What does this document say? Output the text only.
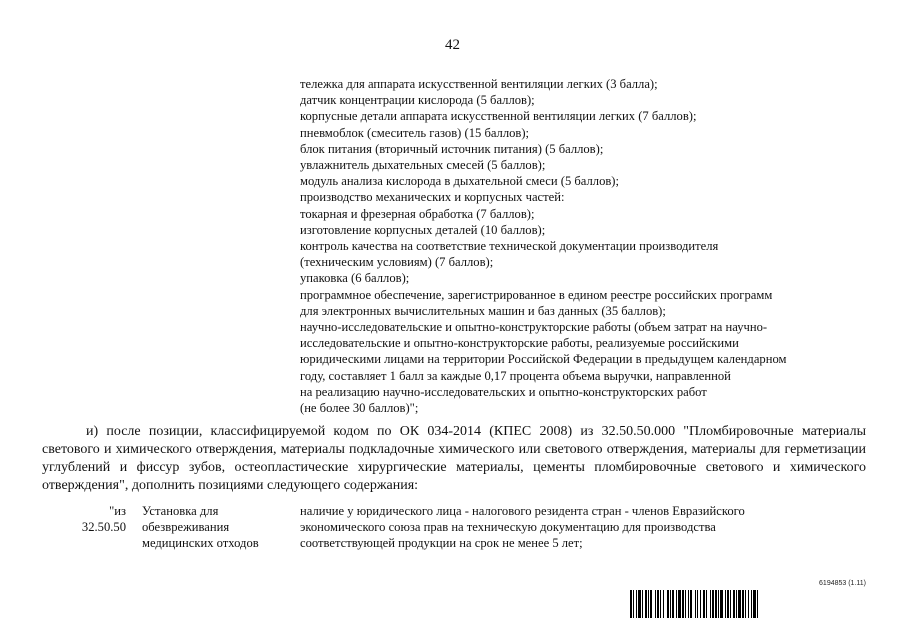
42
тележка для аппарата искусственной вентиляции легких (3 балла);
датчик концентрации кислорода (5 баллов);
корпусные детали аппарата искусственной вентиляции легких (7 баллов);
пневмоблок (смеситель газов) (15 баллов);
блок питания (вторичный источник питания) (5 баллов);
увлажнитель дыхательных смесей (5 баллов);
модуль анализа кислорода в дыхательной смеси (5 баллов);
производство механических и корпусных частей:
токарная и фрезерная обработка (7 баллов);
изготовление корпусных деталей (10 баллов);
контроль качества на соответствие технической документации производителя
(техническим условиям) (7 баллов);
упаковка (6 баллов);
программное обеспечение, зарегистрированное в едином реестре российских программ
для электронных вычислительных машин и баз данных (35 баллов);
научно-исследовательские и опытно-конструкторские работы (объем затрат на научно-
исследовательские и опытно-конструкторские работы, реализуемые российскими
юридическими лицами на территории Российской Федерации в предыдущем календарном
году, составляет 1 балл за каждые 0,17 процента объема выручки, направленной
на реализацию научно-исследовательских и опытно-конструкторских работ
(не более 30 баллов)";
и) после позиции, классифицируемой кодом по ОК 034-2014 (КПЕС 2008) из 32.50.50.000 "Пломбировочные материалы светового и химического отверждения, материалы подкладочные химического или светового отверждения, материалы для герметизации углублений и фиссур зубов, остеопластические хирургические материалы, цементы пломбировочные светового и химического отверждения", дополнить позициями следующего содержания:
"из
32.50.50
Установка для
обезвреживания
медицинских отходов
наличие у юридического лица - налогового резидента стран - членов Евразийского
экономического союза прав на техническую документацию для производства
соответствующей продукции на срок не менее 5 лет;
6194853 (1.11)
